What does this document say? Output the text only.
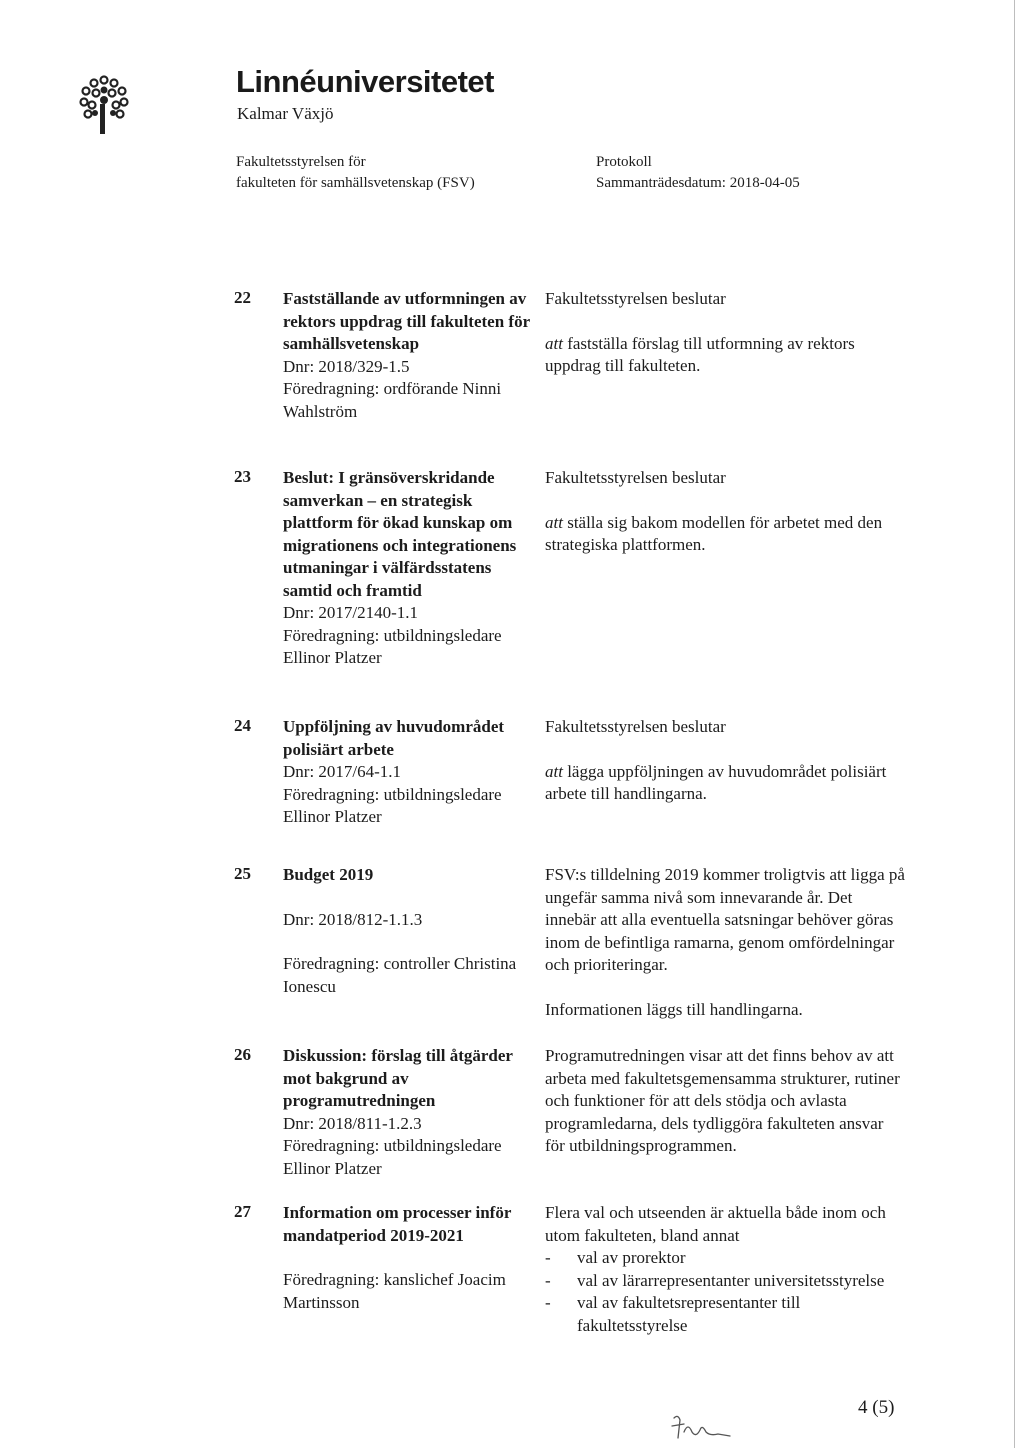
Linnéuniversitetet
Kalmar Växjö
Fakultetsstyrelsen för
fakulteten för samhällsvetenskap (FSV)
Protokoll
Sammanträdesdatum: 2018-04-05
22 Fastställande av utformningen av rektors uppdrag till fakulteten för samhällsvetenskap
Dnr: 2018/329-1.5
Föredragning: ordförande Ninni Wahlström
Fakultetsstyrelsen beslutar
att fastställa förslag till utformning av rektors uppdrag till fakulteten.
23 Beslut: I gränsöverskridande samverkan – en strategisk plattform för ökad kunskap om migrationens och integrationens utmaningar i välfärdsstatens samtid och framtid
Dnr: 2017/2140-1.1
Föredragning: utbildningsledare Ellinor Platzer
Fakultetsstyrelsen beslutar
att ställa sig bakom modellen för arbetet med den strategiska plattformen.
24 Uppföljning av huvudområdet polisiärt arbete
Dnr: 2017/64-1.1
Föredragning: utbildningsledare Ellinor Platzer
Fakultetsstyrelsen beslutar
att lägga uppföljningen av huvudområdet polisiärt arbete till handlingarna.
25 Budget 2019
Dnr: 2018/812-1.1.3
Föredragning: controller Christina Ionescu
FSV:s tilldelning 2019 kommer troligtvis att ligga på ungefär samma nivå som innevarande år. Det innebär att alla eventuella satsningar behöver göras inom de befintliga ramarna, genom omfördelningar och prioriteringar.
Informationen läggs till handlingarna.
26 Diskussion: förslag till åtgärder mot bakgrund av programutredningen
Dnr: 2018/811-1.2.3
Föredragning: utbildningsledare Ellinor Platzer
Programutredningen visar att det finns behov av att arbeta med fakultetsgemensamma strukturer, rutiner och funktioner för att dels stödja och avlasta programledarna, dels tydliggöra fakulteten ansvar för utbildningsprogrammen.
27 Information om processer inför mandatperiod 2019-2021
Föredragning: kanslichef Joacim Martinsson
Flera val och utseenden är aktuella både inom och utom fakulteten, bland annat
- val av prorektor
- val av lärarrepresentanter universitetsstyrelse
- val av fakultetsrepresentanter till fakultetsstyrelse
4 (5)
